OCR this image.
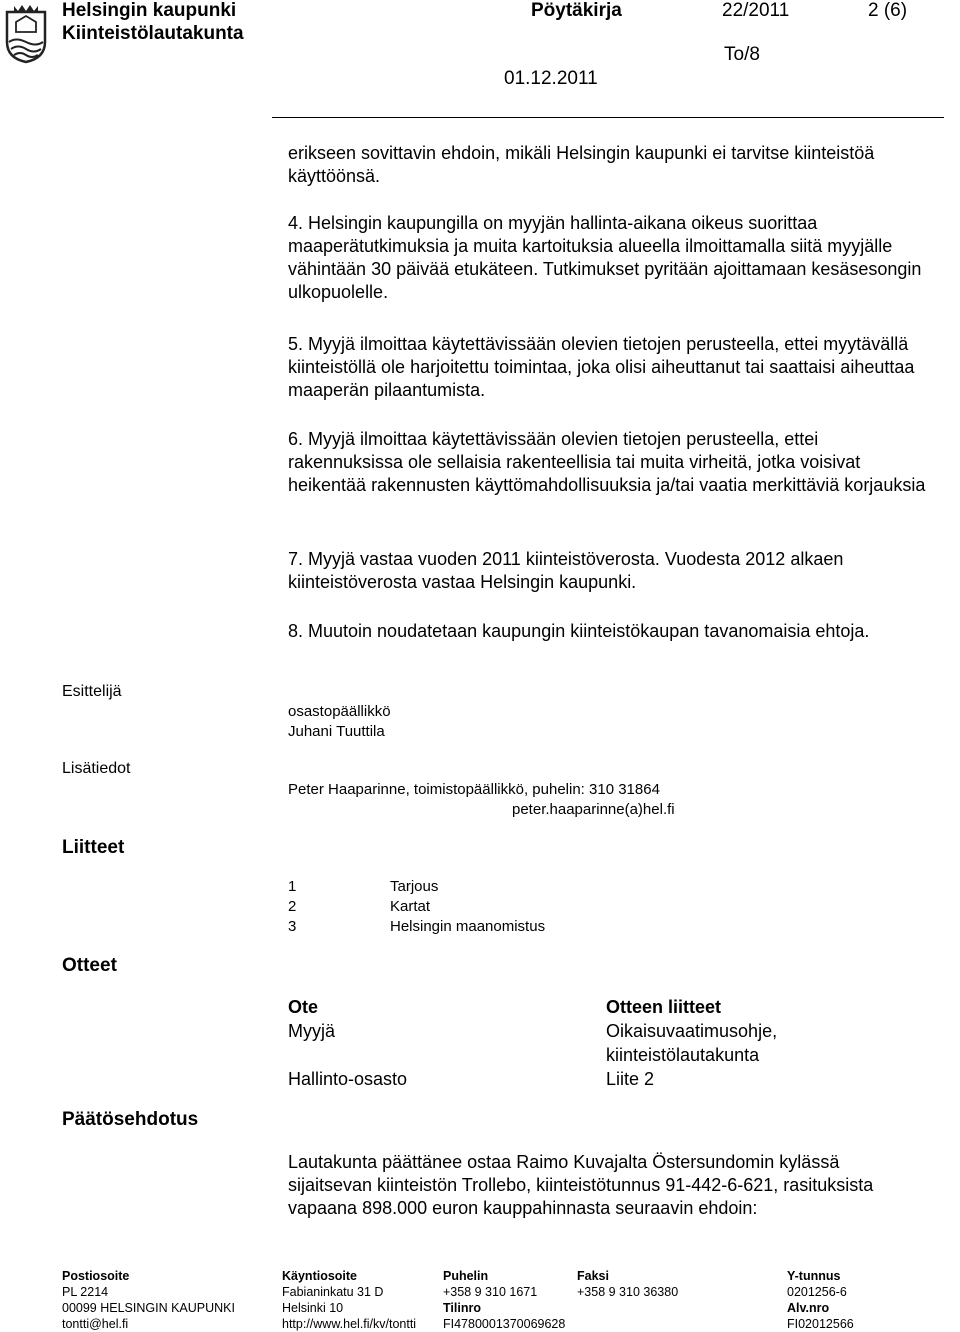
Helsingin kaupunki
Kiinteistölautakunta
Pöytäkirja	22/2011	2 (6)
To/8
01.12.2011
erikseen sovittavin ehdoin, mikäli Helsingin kaupunki ei tarvitse kiinteistöä käyttöönsä.
4. Helsingin kaupungilla on myyjän hallinta-aikana oikeus suorittaa maaperätutkimuksia ja muita kartoituksia alueella ilmoittamalla siitä myyjälle vähintään 30 päivää etukäteen. Tutkimukset pyritään ajoittamaan kesäsesongin ulkopuolelle.
5. Myyjä ilmoittaa käytettävissään olevien tietojen perusteella, ettei myytävällä kiinteistöllä ole harjoitettu toimintaa, joka olisi aiheuttanut tai saattaisi aiheuttaa maaperän pilaantumista.
6. Myyjä ilmoittaa käytettävissään olevien tietojen perusteella, ettei rakennuksissa ole sellaisia rakenteellisia tai muita virheitä, jotka voisivat heikentää rakennusten käyttömahdollisuuksia ja/tai vaatia merkittäviä korjauksia
7. Myyjä vastaa vuoden 2011 kiinteistöverosta. Vuodesta 2012 alkaen kiinteistöverosta vastaa Helsingin kaupunki.
8. Muutoin noudatetaan kaupungin kiinteistökaupan tavanomaisia ehtoja.
Esittelijä
osastopäällikkö
Juhani Tuuttila
Lisätiedot
Peter Haaparinne, toimistopäällikkö, puhelin: 310 31864
peter.haaparinne(a)hel.fi
Liitteet
1	Tarjous
2	Kartat
3	Helsingin maanomistus
Otteet
Ote	Otteen liitteet
Myyjä	Oikaisuvaatimusohje,
kiinteistölautakunta
Hallinto-osasto	Liite 2
Päätösehdotus
Lautakunta päättänee ostaa Raimo Kuvajalta Östersundomin kylässä sijaitsevan kiinteistön Trollebo, kiinteistötunnus 91-442-6-621, rasituksista vapaana 898.000 euron kauppahinnasta seuraavin ehdoin:
Postiosoite
PL 2214
00099 HELSINGIN KAUPUNKI
tontti@hel.fi
Käyntiosoite
Fabianinkatu 31 D
Helsinki 10
http://www.hel.fi/kv/tontti
Puhelin
+358 9 310 1671
Tilinro
FI4780001370069628
Faksi
+358 9 310 36380
Y-tunnus
0201256-6
Alv.nro
FI02012566
